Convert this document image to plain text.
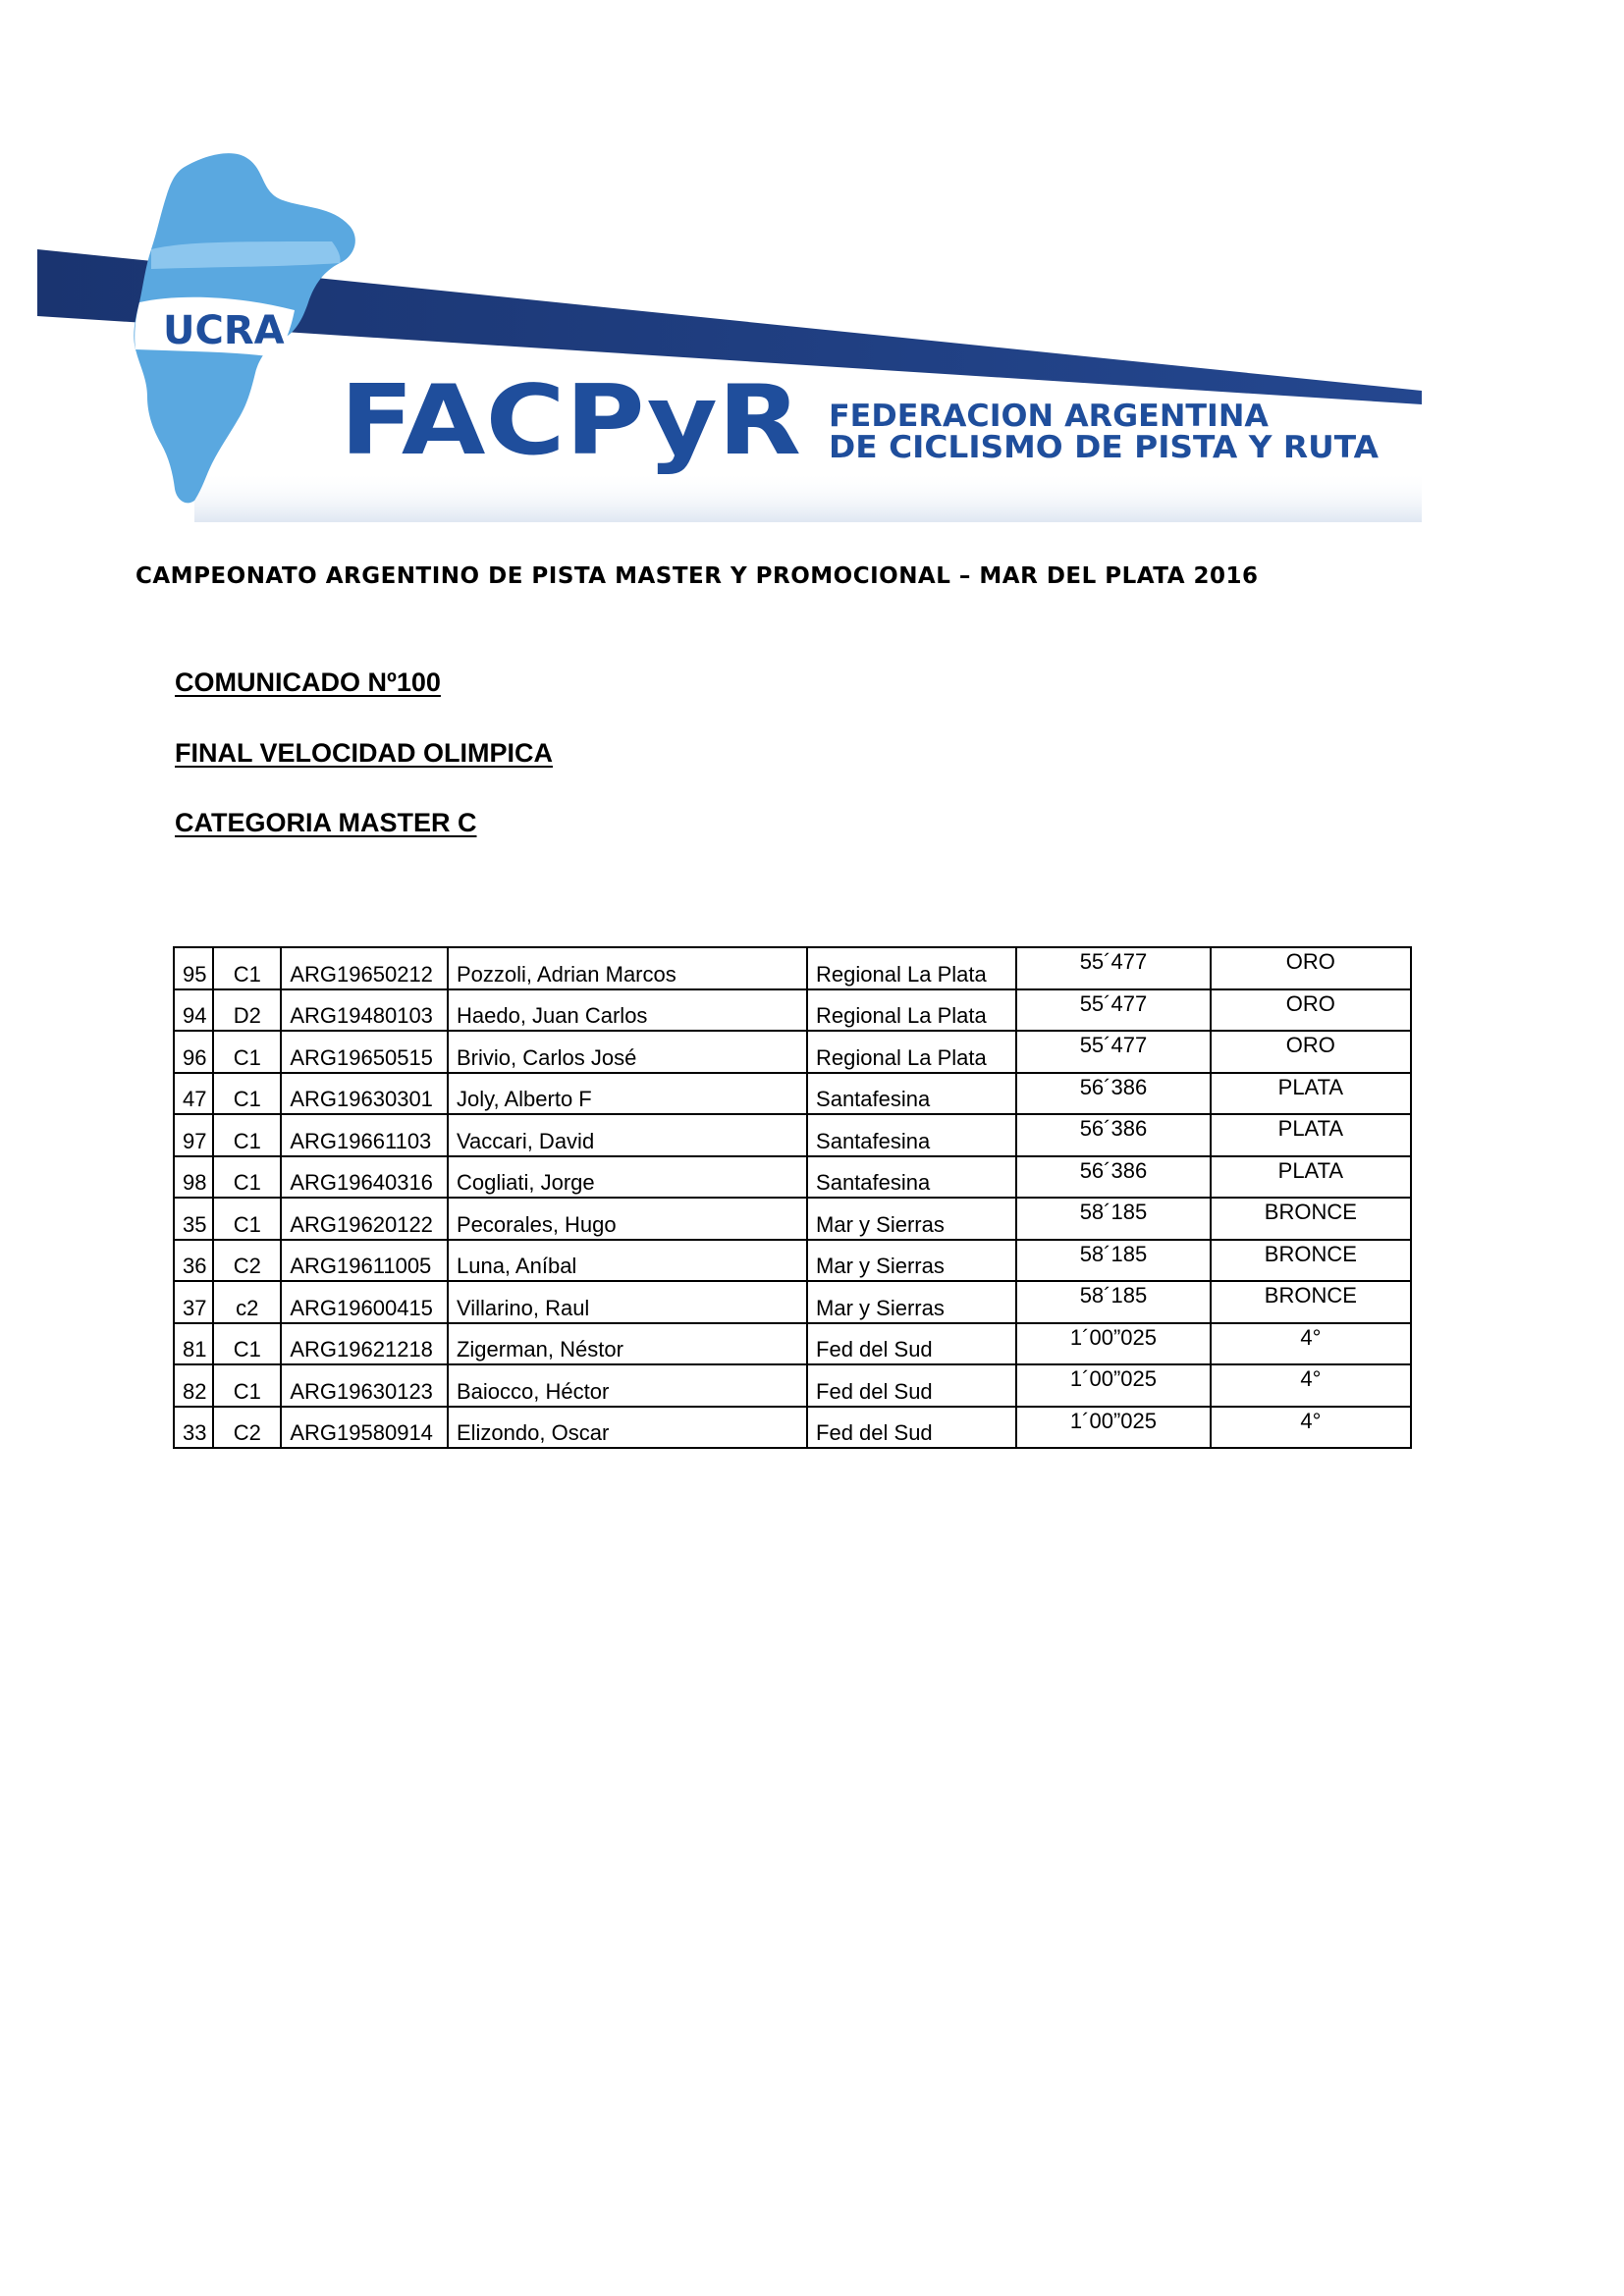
UCRA
FACPyR FEDERACION ARGENTINA
DE CICLISMO DE PISTA Y RUTA
CAMPEONATO ARGENTINO DE PISTA MASTER Y PROMOCIONAL – MAR DEL PLATA 2016
COMUNICADO Nº100
FINAL VELOCIDAD OLIMPICA
CATEGORIA MASTER C
95	C1	ARG19650212	Pozzoli, Adrian Marcos	Regional La Plata	55´477	ORO
94	D2	ARG19480103	Haedo, Juan Carlos	Regional La Plata	55´477	ORO
96	C1	ARG19650515	Brivio, Carlos José	Regional La Plata	55´477	ORO
47	C1	ARG19630301	Joly, Alberto F	Santafesina	56´386	PLATA
97	C1	ARG19661103	Vaccari, David	Santafesina	56´386	PLATA
98	C1	ARG19640316	Cogliati, Jorge	Santafesina	56´386	PLATA
35	C1	ARG19620122	Pecorales, Hugo	Mar y Sierras	58´185	BRONCE
36	C2	ARG19611005	Luna, Aníbal	Mar y Sierras	58´185	BRONCE
37	c2	ARG19600415	Villarino, Raul	Mar y Sierras	58´185	BRONCE
81	C1	ARG19621218	Zigerman, Néstor	Fed del Sud	1´00”025	4°
82	C1	ARG19630123	Baiocco, Héctor	Fed del Sud	1´00”025	4°
33	C2	ARG19580914	Elizondo, Oscar	Fed del Sud	1´00”025	4°
